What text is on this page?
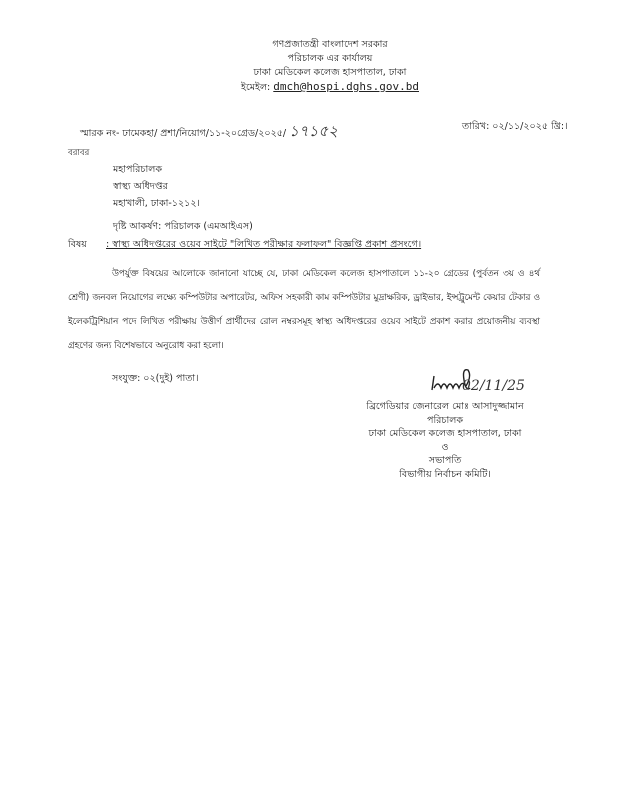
গণপ্রজাতন্ত্রী বাংলাদেশ সরকার
পরিচালক এর কার্যালয়
ঢাকা মেডিকেল কলেজ হাসপাতাল, ঢাকা
ইমেইল: dmch@hospi.dghs.gov.bd
স্মারক নং- ঢামেকহা/ প্রশা/নিয়োগ/১১-২০গ্রেড/২০২৫/ ১৭১৫২	তারিখ: ০২/১১/২০২৫ খ্রি:।
বরাবর
মহাপরিচালক
স্বাস্থ্য অধিদপ্তর
মহাখালী, ঢাকা-১২১২।
দৃষ্টি আকর্ষণ: পরিচালক (এমআইএস)
বিষয় : স্বাস্থ্য অধিদপ্তরের ওয়েব সাইটে "লিখিত পরীক্ষার ফলাফল" বিজ্ঞপ্তি প্রকাশ প্রসংগে।
উপর্যুক্ত বিষয়ের আলোকে জানানো যাচ্ছে যে, ঢাকা মেডিকেল কলেজ হাসপাতালে ১১-২০ গ্রেডের (পুর্বতন ৩য় ও ৪র্থ শ্রেণী) জনবল নিয়োগের লক্ষ্যে কম্পিউটার অপারেটর, অফিস সহকারী কাম কম্পিউটার মুদ্রাক্ষরিক, ড্রাইভার, ইন্সট্রুমেন্ট কেয়ার টেকার ও ইলেকট্রিশিয়ান পদে লিখিত পরীক্ষায় উত্তীর্ণ প্রার্থীদের রোল নম্বরসমূহ স্বাস্থ্য অধিদপ্তরের ওয়েব সাইটে প্রকাশ করার প্রয়োজনীয় ব্যবস্থা গ্রহণের জন্য বিশেষভাবে অনুরোধ করা হলো।
সংযুক্ত: ০২(দুই) পাতা।	02/11/25
ব্রিগেডিয়ার জেনারেল মোঃ আসাদুজ্জামান
পরিচালক
ঢাকা মেডিকেল কলেজ হাসপাতাল, ঢাকা
ও
সভাপতি
বিভাগীয় নির্বাচন কমিটি।
